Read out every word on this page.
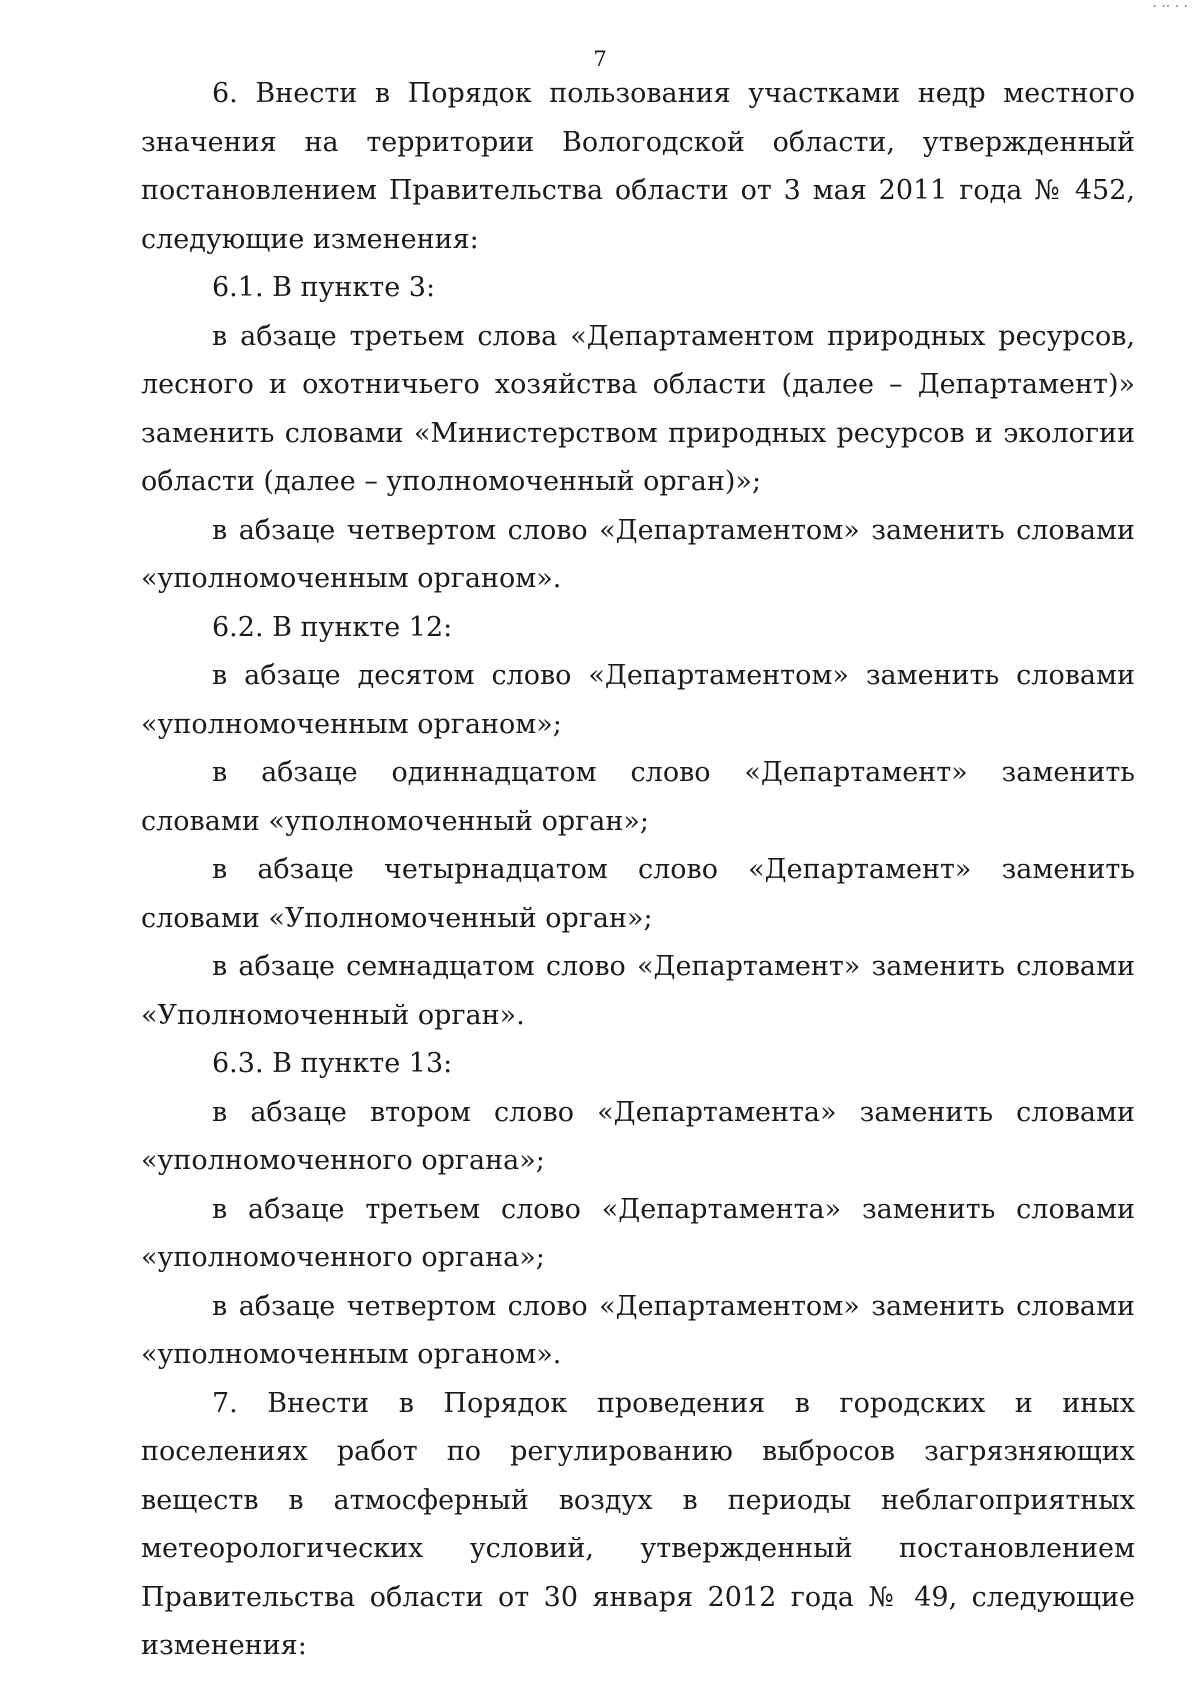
· ·· · ·
7

6. Внести в Порядок пользования участками недр местного значения на территории Вологодской области, утвержденный постановлением Правительства области от 3 мая 2011 года № 452, следующие изменения:

6.1. В пункте 3:

в абзаце третьем слова «Департаментом природных ресурсов, лесного и охотничьего хозяйства области (далее – Департамент)» заменить словами «Министерством природных ресурсов и экологии области (далее – уполномоченный орган)»;

в абзаце четвертом слово «Департаментом» заменить словами «уполномоченным органом».

6.2. В пункте 12:

в абзаце десятом слово «Департаментом» заменить словами «уполномоченным органом»;

в абзаце одиннадцатом слово «Департамент» заменить словами «уполномоченный орган»;

в абзаце четырнадцатом слово «Департамент» заменить словами «Уполномоченный орган»;

в абзаце семнадцатом слово «Департамент» заменить словами «Уполномоченный орган».

6.3. В пункте 13:

в абзаце втором слово «Департамента» заменить словами «уполномоченного органа»;

в абзаце третьем слово «Департамента» заменить словами «уполномоченного органа»;

в абзаце четвертом слово «Департаментом» заменить словами «уполномоченным органом».

7. Внести в Порядок проведения в городских и иных поселениях работ по регулированию выбросов загрязняющих веществ в атмосферный воздух в периоды неблагоприятных метеорологических условий, утвержденный постановлением Правительства области от 30 января 2012 года № 49, следующие изменения:
